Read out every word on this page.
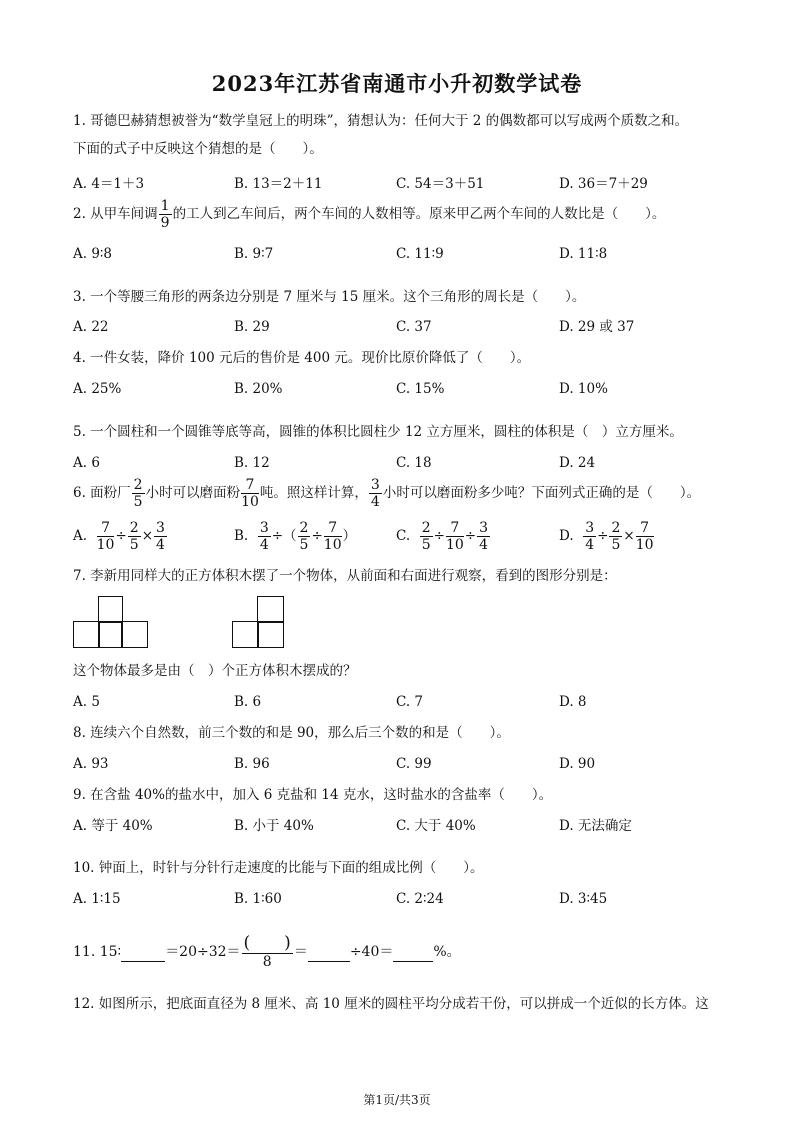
2023年江苏省南通市小升初数学试卷
1. 哥德巴赫猜想被誉为“数学皇冠上的明珠”，猜想认为：任何大于 2 的偶数都可以写成两个质数之和。
下面的式子中反映这个猜想的是（　　）。
A. 4＝1＋3	B. 13＝2＋11	C. 54＝3＋51	D. 36＝7＋29
2. 从甲车间调 $\frac{1}{9}$ 的工人到乙车间后，两个车间的人数相等。原来甲乙两个车间的人数比是（　　）。
A. 9∶8	B. 9∶7	C. 11∶9	D. 11∶8
3. 一个等腰三角形的两条边分别是 7 厘米与 15 厘米。这个三角形的周长是（　　）。
A. 22	B. 29	C. 37	D. 29 或 37
4. 一件女装，降价 100 元后的售价是 400 元。现价比原价降低了（　　）。
A. 25%	B. 20%	C. 15%	D. 10%
5. 一个圆柱和一个圆锥等底等高，圆锥的体积比圆柱少 12 立方厘米，圆柱的体积是（　）立方厘米。
A. 6	B. 12	C. 18	D. 24
6. 面粉厂 $\frac{2}{5}$ 小时可以磨面粉 $\frac{7}{10}$ 吨。照这样计算， $\frac{3}{4}$ 小时可以磨面粉多少吨？下面列式正确的是（　　）。
A. $\frac{7}{10} \div \frac{2}{5} \times \frac{3}{4}$	B. $\frac{3}{4}$ ÷（ $\frac{2}{5} \div \frac{7}{10}$ ）	C. $\frac{2}{5} \div \frac{7}{10} \div \frac{3}{4}$	D. $\frac{3}{4} \div \frac{2}{5} \times \frac{7}{10}$
7. 李新用同样大的正方体积木摆了一个物体，从前面和右面进行观察，看到的图形分别是：
这个物体最多是由（　）个正方体积木摆成的？
A. 5	B. 6	C. 7	D. 8
8. 连续六个自然数，前三个数的和是 90，那么后三个数的和是（　　）。
A. 93	B. 96	C. 99	D. 90
9. 在含盐 40%的盐水中，加入 6 克盐和 14 克水，这时盐水的含盐率（　　）。
A. 等于 40%	B. 小于 40%	C. 大于 40%	D. 无法确定
10. 钟面上，时针与分针行走速度的比能与下面的组成比例（　　）。
A. 1∶15	B. 1∶60	C. 2∶24	D. 3∶45
11. 15∶	$=20\div 32= \frac{( )}{8}$ ＝	÷40＝	%。
12. 如图所示，把底面直径为 8 厘米、高 10 厘米的圆柱平均分成若干份，可以拼成一个近似的长方体。这
第1页/共3页
